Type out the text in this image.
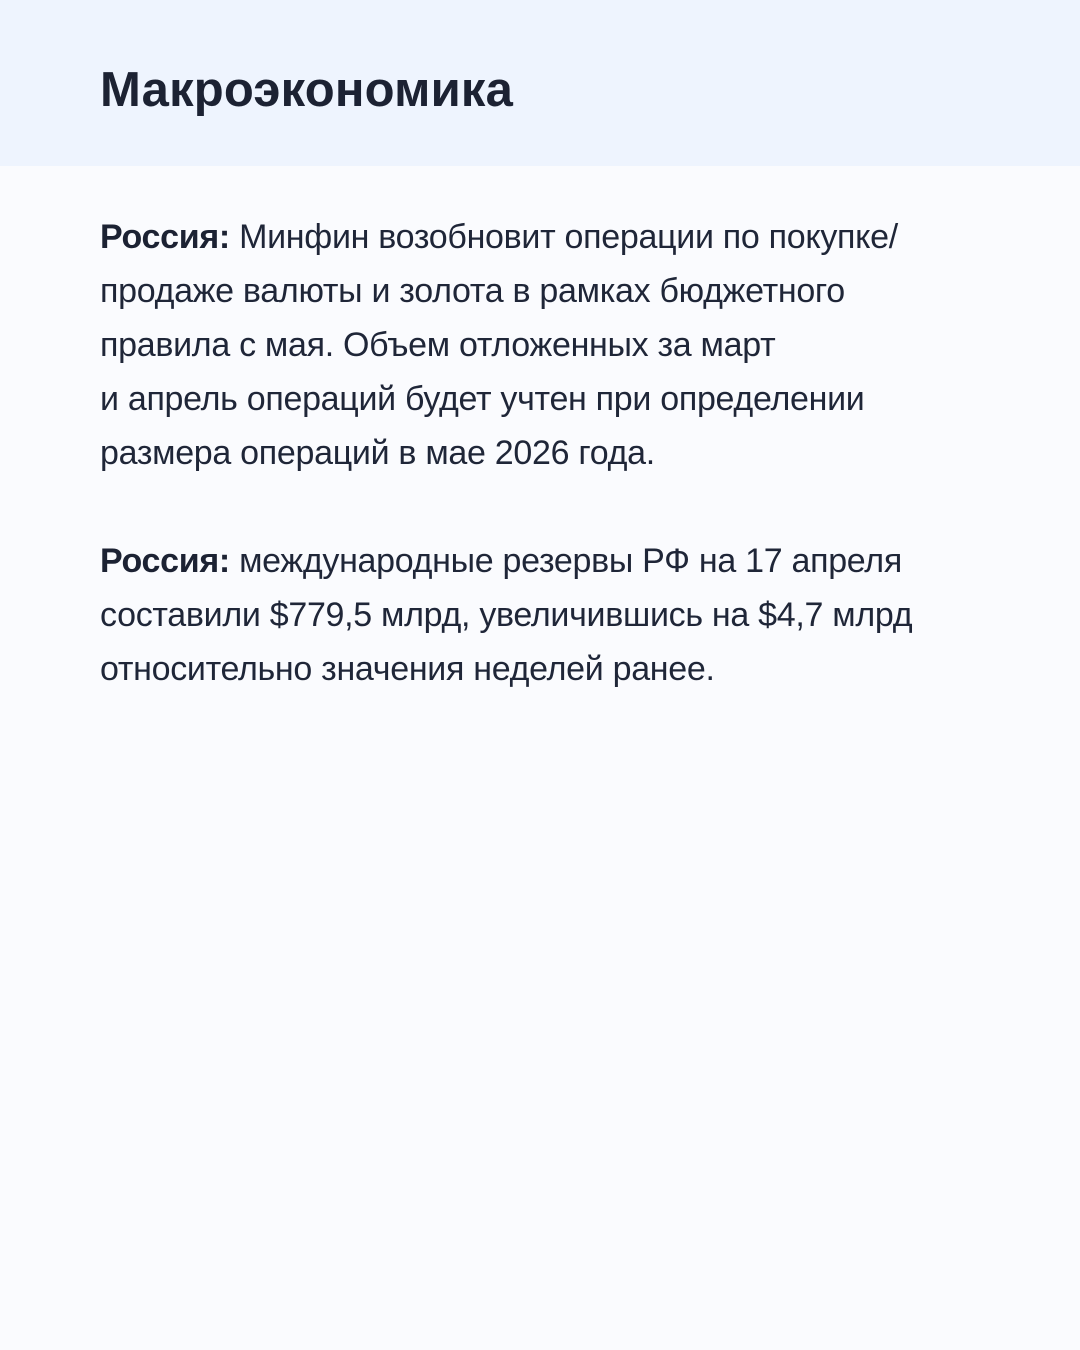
Макроэкономика

Россия: Минфин возобновит операции по покупке/
продаже валюты и золота в рамках бюджетного
правила с мая. Объем отложенных за март
и апрель операций будет учтен при определении
размера операций в мае 2026 года.

Россия: международные резервы РФ на 17 апреля
составили $779,5 млрд, увеличившись на $4,7 млрд
относительно значения неделей ранее.
